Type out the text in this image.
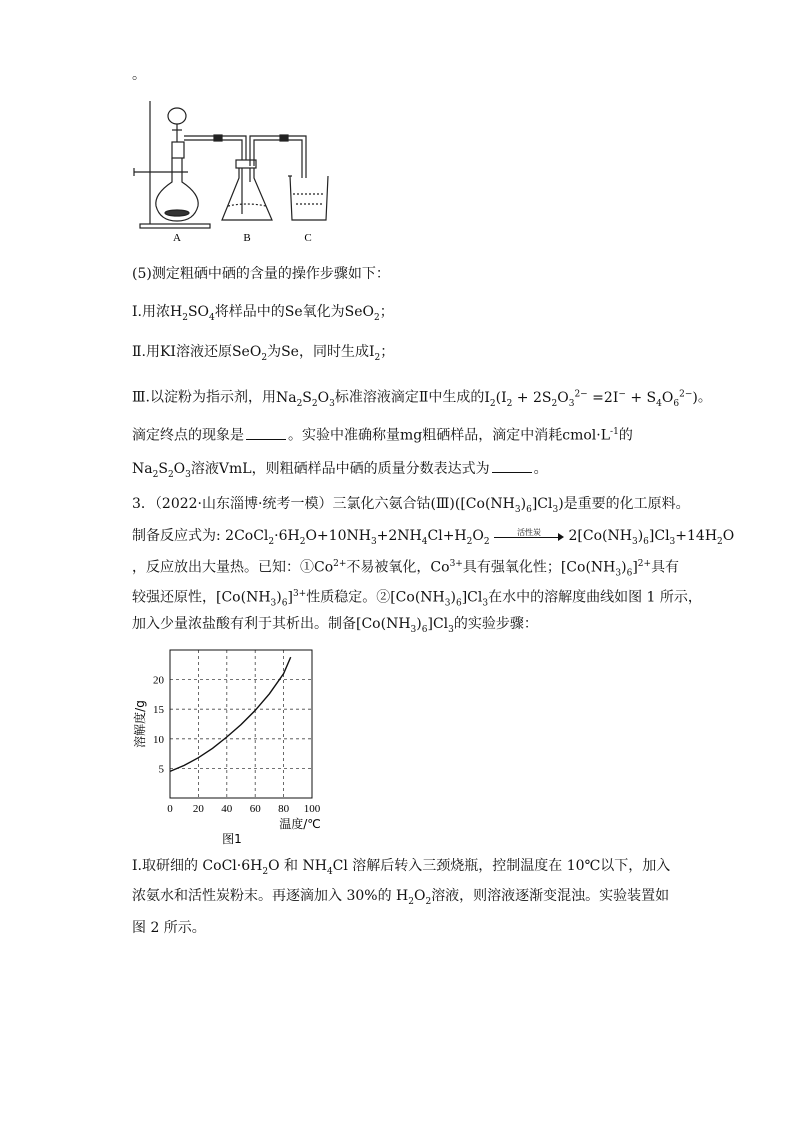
。
A	B	C
(5)测定粗硒中硒的含量的操作步骤如下：
Ⅰ.用浓$H_2SO_4$将样品中的Se氧化为SeO$_2$；
Ⅱ.用KI溶液还原SeO$_2$为Se，同时生成$I_2$；
Ⅲ.以淀粉为指示剂，用$Na_2S_2O_3$标准溶液滴定Ⅱ中生成的$I_2(I_2 + 2S_2O_3^{2-} =2I^- + S_4O_6^{2-})$。
滴定终点的现象是	。实验中准确称量mg粗硒样品，滴定中消耗$cmol\cdot L^{-1}$的
$Na_2S_2O_3$溶液VmL，则粗硒样品中硒的质量分数表达式为	。
3．（2022·山东淄博·统考一模）三氯化六氨合钴$(Ⅲ)([Co(NH_3)_6]Cl_3)$是重要的化工原料。
制备反应式为: $2CoCl_2\cdot 6H_2O+10NH_3+2NH_4Cl+H_2O_2$
活性炭	$2[Co(NH_3)_6]Cl_3+14H_2O$
，反应放出大量热。已知：$①Co^{2+}$不易被氧化，$Co^{3+}$具有强氧化性；$[Co(NH_3)_6]^{2+}$具有
较强还原性，$[Co(NH_3)_6]^{3+}$性质稳定。$②[Co(NH_3)_6]Cl_3$在水中的溶解度曲线如图 1 所示，
加入少量浓盐酸有利于其析出。制备$[Co(NH_3)_6]Cl_3$的实验步骤：
0 20 40 60 80 100
5
10
15
20
温度/℃
溶解度/g
图1
Ⅰ.取研细的 $CoCl\cdot 6H_2O$ 和 $NH_4Cl$ 溶解后转入三颈烧瓶，控制温度在 10℃以下，加入
浓氨水和活性炭粉末。再逐滴加入 30%的 $H_2O_2$溶液，则溶液逐渐变混浊。实验装置如
图 2 所示。
